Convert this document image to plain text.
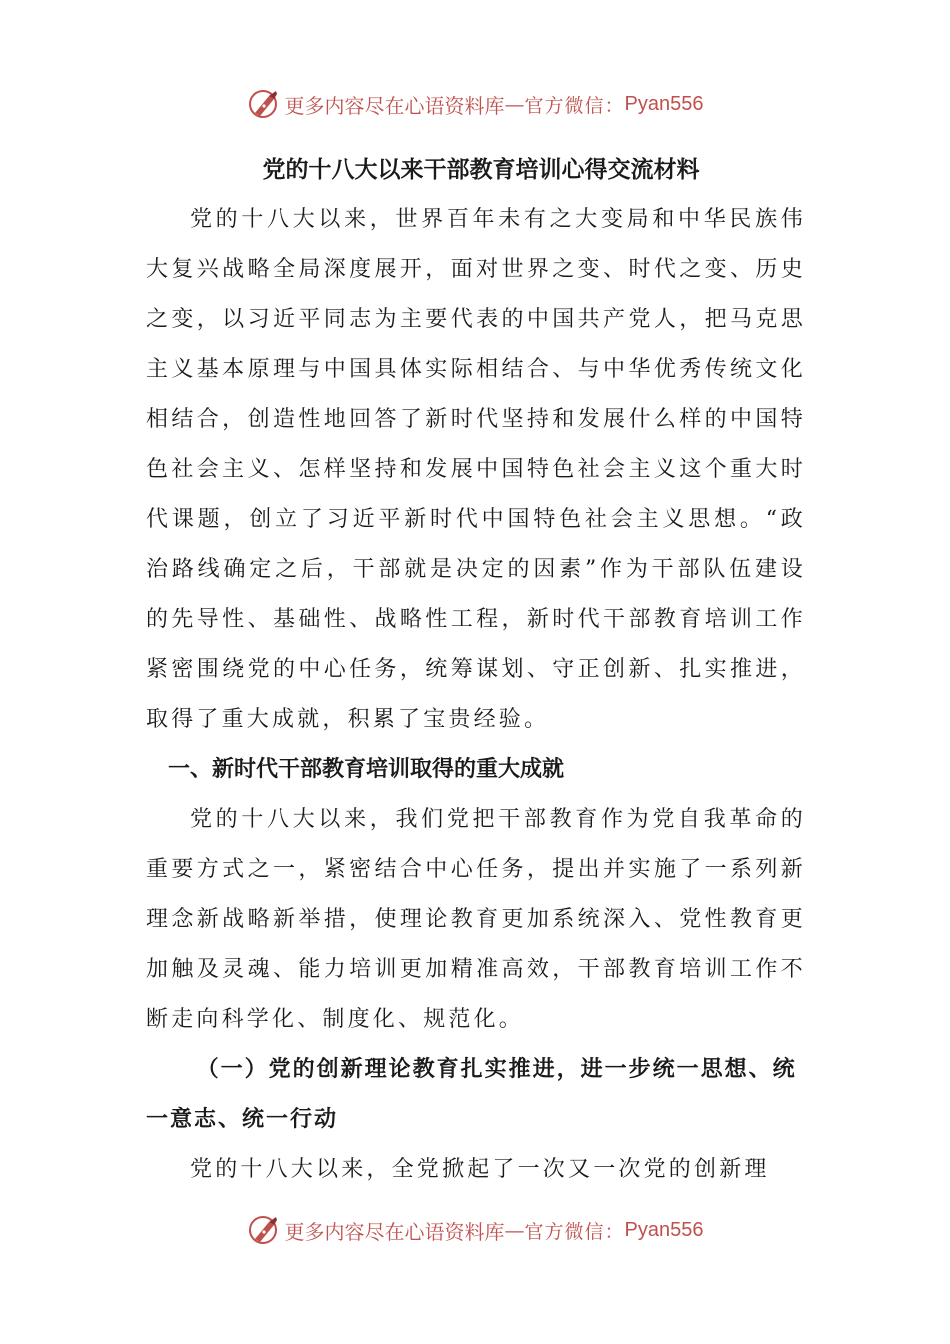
更多内容尽在心语资料库 — 官方微信： Pyan556
党的十八大以来干部教育培训心得交流材料

党的十八大以来，世界百年未有之大变局和中华民族伟大复兴战略全局深度展开，面对世界之变、时代之变、历史之变，以习近平同志为主要代表的中国共产党人，把马克思主义基本原理与中国具体实际相结合、与中华优秀传统文化相结合，创造性地回答了新时代坚持和发展什么样的中国特色社会主义、怎样坚持和发展中国特色社会主义这个重大时代课题，创立了习近平新时代中国特色社会主义思想。“政治路线确定之后，干部就是决定的因素”作为干部队伍建设的先导性、基础性、战略性工程，新时代干部教育培训工作紧密围绕党的中心任务，统筹谋划、守正创新、扎实推进，取得了重大成就，积累了宝贵经验。

一、新时代干部教育培训取得的重大成就

党的十八大以来，我们党把干部教育作为党自我革命的重要方式之一，紧密结合中心任务，提出并实施了一系列新理念新战略新举措，使理论教育更加系统深入、党性教育更加触及灵魂、能力培训更加精准高效，干部教育培训工作不断走向科学化、制度化、规范化。

（一）党的创新理论教育扎实推进，进一步统一思想、统一意志、统一行动

党的十八大以来，全党掀起了一次又一次党的创新理

更多内容尽在心语资料库 — 官方微信： Pyan556
